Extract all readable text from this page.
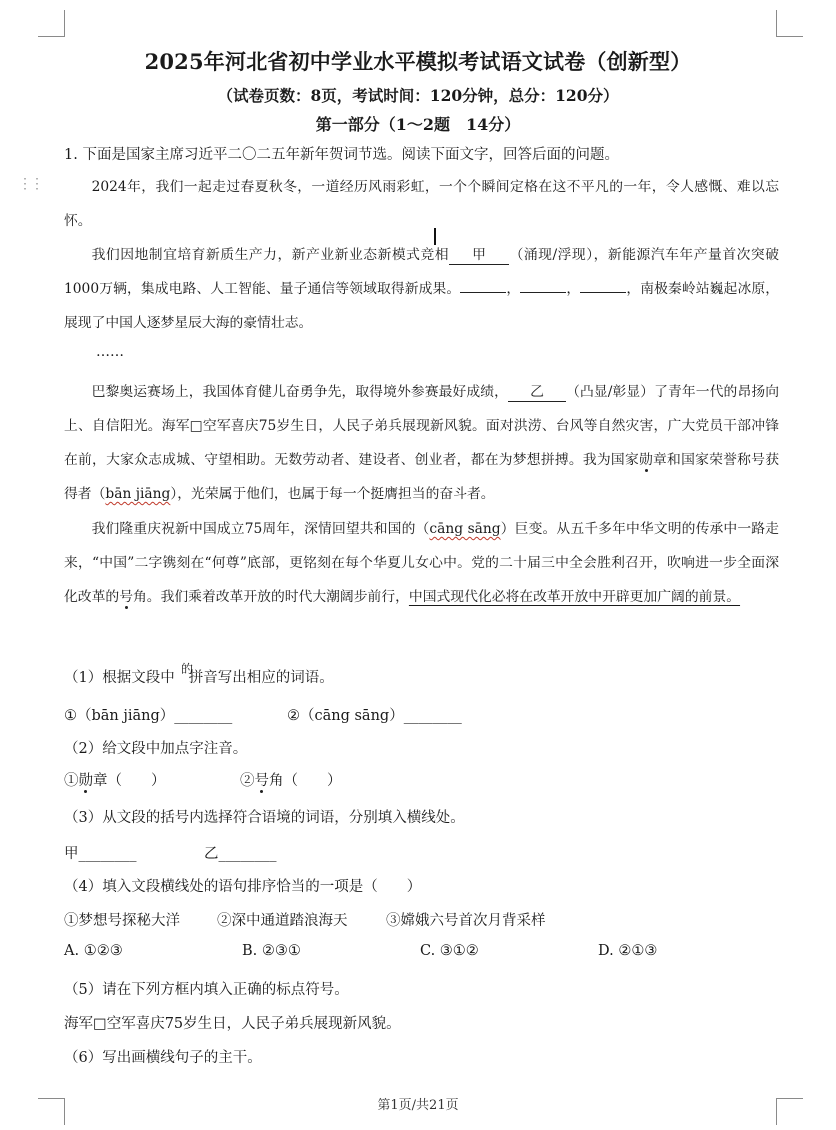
2025年河北省初中学业水平模拟考试语文试卷（创新型）
（试卷页数：8页，考试时间：120分钟，总分：120分）
第一部分（1～2题　14分）
1. 下面是国家主席习近平二〇二五年新年贺词节选。阅读下面文字，回答后面的问题。
⋮⋮	2024年，我们一起走过春夏秋冬，一道经历风雨彩虹，一个个瞬间定格在这不平凡的一年，令人感慨、难以忘怀。
我们因地制宜培育新质生产力，新产业新业态新模式竞相 甲 （涌现/浮现），新能源汽车年产量首次突破1000万辆，集成电路、人工智能、量子通信等领域取得新成果。	，	，	，南极秦岭站巍起冰原，展现了中国人逐梦星辰大海的豪情壮志。
……
巴黎奥运赛场上，我国体育健儿奋勇争先，取得境外参赛最好成绩， 乙 （凸显/彰显）了青年一代的昂扬向上、自信阳光。海军□空军喜庆75岁生日，人民子弟兵展现新风貌。面对洪涝、台风等自然灾害，广大党员干部冲锋在前，大家众志成城、守望相助。无数劳动者、建设者、创业者，都在为梦想拼搏。我为国家勋章和国家荣誉称号获得者（bān jiāng），光荣属于他们，也属于每一个挺膺担当的奋斗者。
我们隆重庆祝新中国成立75周年，深情回望共和国的（cāng sāng）巨变。从五千多年中华文明的传承中一路走来，“中国”二字镌刻在“何尊”底部，更铭刻在每个华夏儿女心中。党的二十届三中全会胜利召开，吹响进一步全面深化改革的号角。我们乘着改革开放的时代大潮阔步前行，中国式现代化必将在改革开放中开辟更加广阔的前景。
（1）根据文段中 拼音写出相应的词语。
的
①（bān jiāng）________	②（cāng sāng）________
（2）给文段中加点字注音。
①勋章（　　）	②号角（　　）
（3）从文段的括号内选择符合语境的词语，分别填入横线处。
甲________	乙________
（4）填入文段横线处的语句排序恰当的一项是（　　）
①梦想号探秘大洋	②深中通道踏浪海天	③嫦娥六号首次月背采样
A. ①②③	B. ②③①	C. ③①②	D. ②①③
（5）请在下列方框内填入正确的标点符号。
海军□空军喜庆75岁生日，人民子弟兵展现新风貌。
（6）写出画横线句子的主干。
第1页/共21页
